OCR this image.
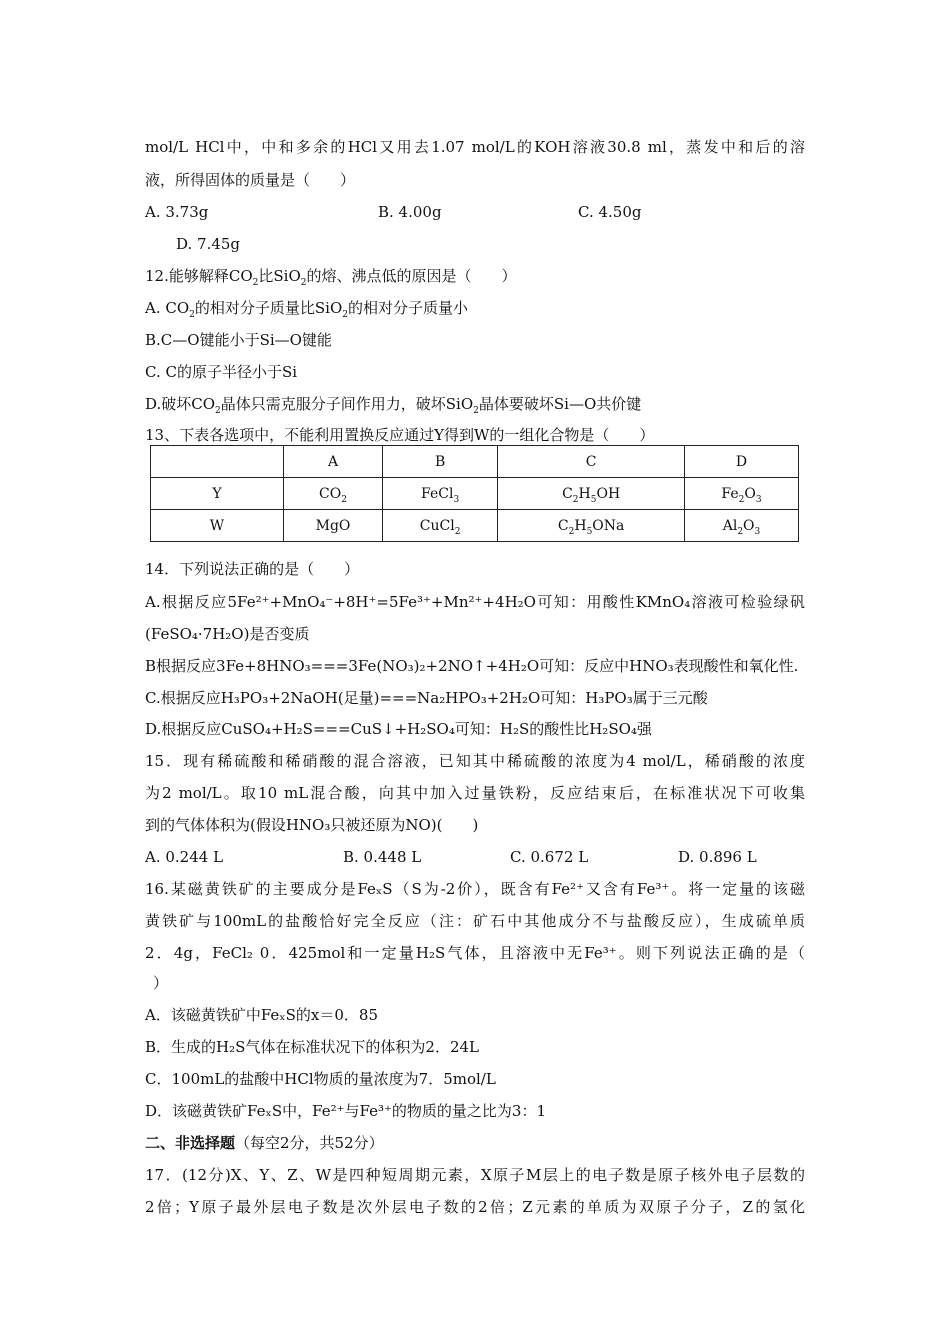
mol/L HCl中，中和多余的HCl又用去1.07 mol/L的KOH溶液30.8 ml，蒸发中和后的溶
液，所得固体的质量是（　　）
A. 3.73g	B. 4.00g	C. 4.50g
D. 7.45g
12.能够解释$CO_2$比SiO$_2$的熔、沸点低的原因是（　　）
A. $CO_2$的相对分子质量比SiO$_2$的相对分子质量小
B.C—O键能小于Si—O键能
C. C的原子半径小于Si
D.破坏$CO_2$晶体只需克服分子间作用力，破坏SiO$_2$晶体要破坏Si—O共价键
13、下表各选项中，不能利用置换反应通过Y得到W的一组化合物是（　　）
	A	B	C	D
Y	$CO_2$	FeCl$_3$	$C_2H_5OH$	$Fe_2O_3$
W	MgO	CuCl$_2$	$C_2H_5ONa$	$Al_2O_3$
14．下列说法正确的是（　　）
A.根据反应5Fe²⁺+MnO₄⁻+8H⁺=5Fe³⁺+Mn²⁺+4H₂O可知：用酸性KMnO₄溶液可检验绿矾
(FeSO₄·7H₂O)是否变质
B根据反应3Fe+8HNO₃===3Fe(NO₃)₂+2NO↑+4H₂O可知：反应中HNO₃表现酸性和氧化性.
C.根据反应H₃PO₃+2NaOH(足量)===Na₂HPO₃+2H₂O可知：H₃PO₃属于三元酸
D.根据反应CuSO₄+H₂S===CuS↓+H₂SO₄可知：H₂S的酸性比H₂SO₄强
15．现有稀硫酸和稀硝酸的混合溶液，已知其中稀硫酸的浓度为4 mol/L，稀硝酸的浓度
为2 mol/L。取10 mL混合酸，向其中加入过量铁粉，反应结束后，在标准状况下可收集
到的气体体积为(假设HNO₃只被还原为NO)(　　)
A. 0.244 L	B. 0.448 L	C. 0.672 L	D. 0.896 L
16.某磁黄铁矿的主要成分是FeₓS（S为-2价），既含有Fe²⁺又含有Fe³⁺。将一定量的该磁
黄铁矿与100mL的盐酸恰好完全反应（注：矿石中其他成分不与盐酸反应），生成硫单质
2．4g，FeCl₂ 0．425mol和一定量H₂S气体，且溶液中无Fe³⁺。则下列说法正确的是（
）
A．该磁黄铁矿中FeₓS的x＝0．85
B．生成的H₂S气体在标准状况下的体积为2．24L
C．100mL的盐酸中HCl物质的量浓度为7．5mol/L
D．该磁黄铁矿FeₓS中，Fe²⁺与Fe³⁺的物质的量之比为3：1
二、非选择题（每空2分，共52分）
17．(12分)X、Y、Z、W是四种短周期元素，X原子M层上的电子数是原子核外电子层数的
2倍；Y原子最外层电子数是次外层电子数的2倍；Z元素的单质为双原子分子，Z的氢化
